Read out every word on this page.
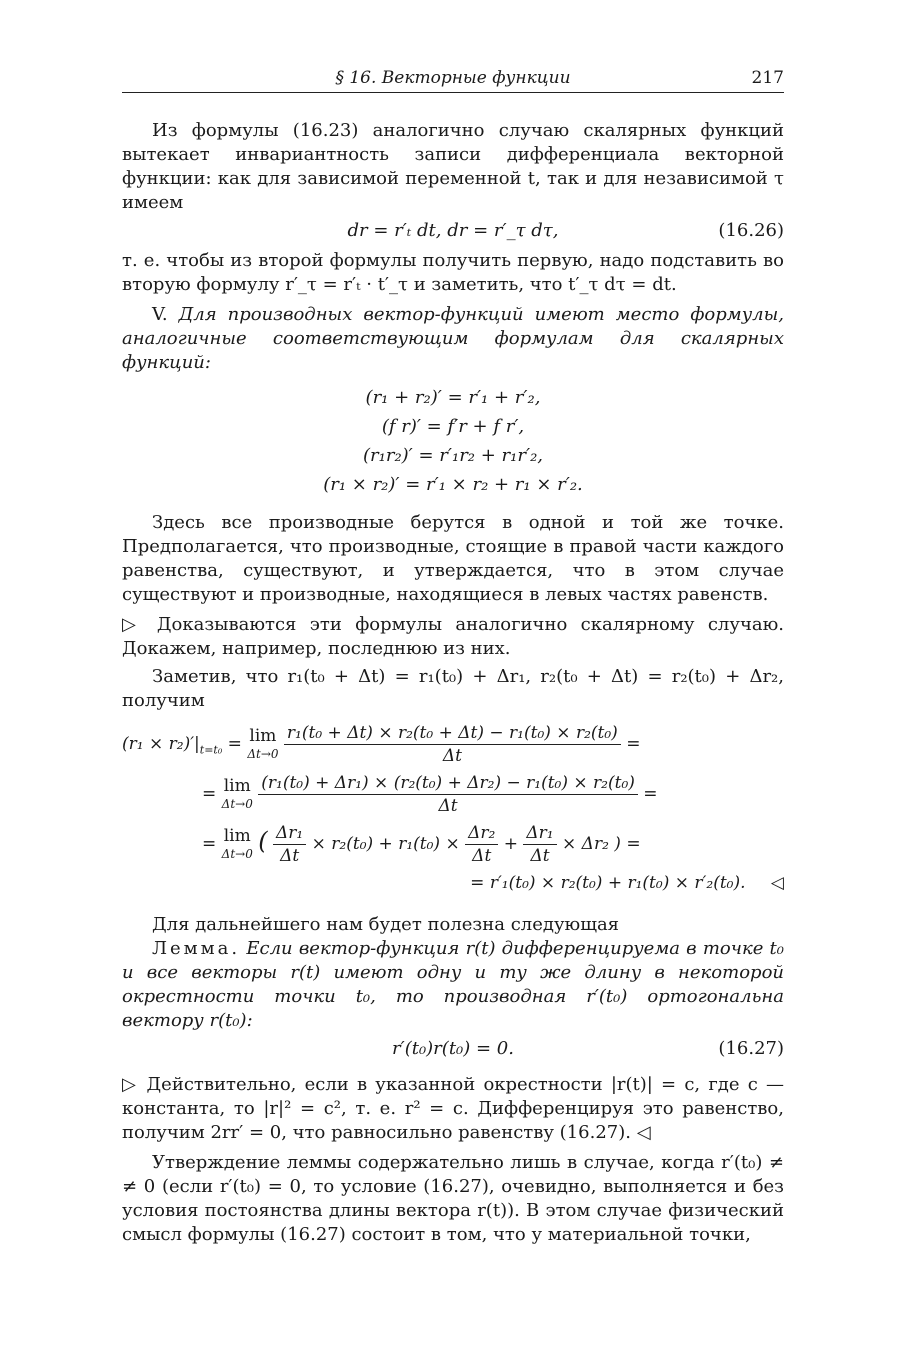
§ 16. Векторные функции	217

Из формулы (16.23) аналогично случаю скалярных функций вытекает инвариантность записи дифференциала векторной функции: как для зависимой переменной t, так и для независимой τ имеем

dr = r′ₜ dt, dr = r′_τ dτ,	(16.26)

т. е. чтобы из второй формулы получить первую, надо подставить во вторую формулу r′_τ = r′ₜ · t′_τ и заметить, что t′_τ dτ = dt.

V. Для производных вектор-функций имеют место формулы, аналогичные соответствующим формулам для скалярных функций:

(r₁ + r₂)′ = r′₁ + r′₂,
(f r)′ = f′r + f r′,
(r₁r₂)′ = r′₁r₂ + r₁r′₂,
(r₁ × r₂)′ = r′₁ × r₂ + r₁ × r′₂.

Здесь все производные берутся в одной и той же точке. Предполагается, что производные, стоящие в правой части каждого равенства, существуют, и утверждается, что в этом случае существуют и производные, находящиеся в левых частях равенств.

▷ Доказываются эти формулы аналогично скалярному случаю. Докажем, например, последнюю из них.

Заметив, что r₁(t₀ + Δt) = r₁(t₀) + Δr₁, r₂(t₀ + Δt) = r₂(t₀) + Δr₂, получим

$(r_1 \times r_2)'|_{t=t_0} = \lim$
Δt→0
$\frac{\text{r₁(t₀ + Δt) × r₂(t₀ + Δt) − r₁(t₀) × r₂(t₀)}}{\Delta t}$ =
= lim
Δt→0
$\frac{\text{(r₁(t₀) + Δr₁) × (r₂(t₀) + Δr₂) − r₁(t₀) × r₂(t₀)}}{\Delta t}$ =
= lim
Δt→0 ( $\frac{\text{Δr₁}}{\Delta t} \times r_2(t_0) + r_1(t_0) \times \frac{\text{Δr₂}}{\Delta t} + \frac{\text{Δr₁}}{\Delta t} \times \Delta r_2$ ) =
= r′₁(t₀) × r₂(t₀) + r₁(t₀) × r′₂(t₀). ◁

Для дальнейшего нам будет полезна следующая

Лемма. Если вектор-функция r(t) дифференцируема в точке t₀ и все векторы r(t) имеют одну и ту же длину в некоторой окрестности точки t₀, то производная r′(t₀) ортогональна вектору r(t₀):

r′(t₀)r(t₀) = 0.	(16.27)

▷ Действительно, если в указанной окрестности |r(t)| = c, где c — константа, то |r|² = c², т. е. r² = c. Дифференцируя это равенство, получим 2rr′ = 0, что равносильно равенству (16.27). ◁

Утверждение леммы содержательно лишь в случае, когда r′(t₀) ≠ ≠ 0 (если r′(t₀) = 0, то условие (16.27), очевидно, выполняется и без условия постоянства длины вектора r(t)). В этом случае физический смысл формулы (16.27) состоит в том, что у материальной точки,
